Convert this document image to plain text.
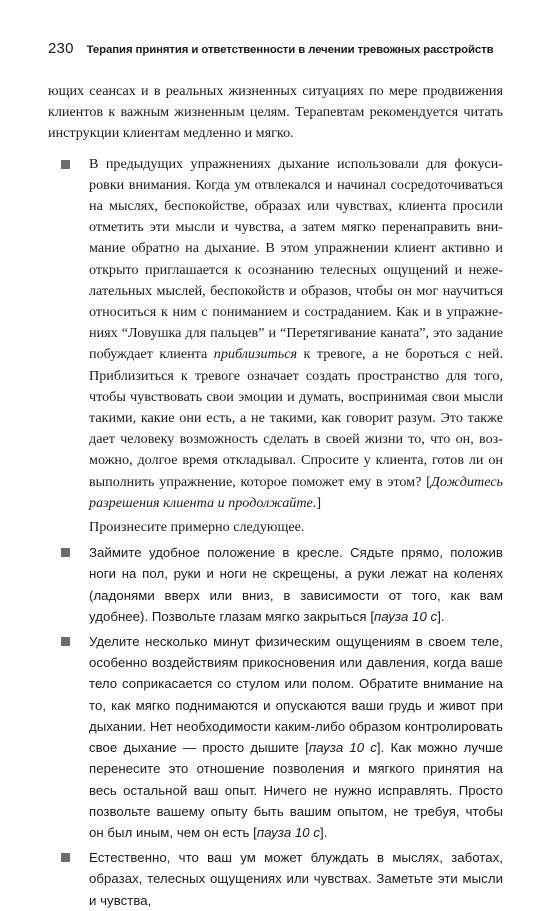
230 Терапия принятия и ответственности в лечении тревожных расстройств

ющих сеансах и в реальных жизненных ситуациях по мере продвижения клиентов к важным жизненным целям. Терапевтам рекомендуется читать инструкции клиентам медленно и мягко.

В предыдущих упражнениях дыхание использовали для фокусировки внимания. Когда ум отвлекался и начинал сосредоточиваться на мыслях, беспокойстве, образах или чувствах, клиента просили отметить эти мысли и чувства, а затем мягко перенаправить внимание обратно на дыхание. В этом упражнении клиент активно и открыто приглашается к осознанию телесных ощущений и нежелательных мыслей, беспокойств и образов, чтобы он мог научиться относиться к ним с пониманием и состраданием. Как и в упражнениях “Ловушка для пальцев” и “Перетягивание каната”, это задание побуждает клиента приблизиться к тревоге, а не бороться с ней. Приблизиться к тревоге означает создать пространство для того, чтобы чувствовать свои эмоции и думать, воспринимая свои мысли такими, какие они есть, а не такими, как говорит разум. Это также дает человеку возможность сделать в своей жизни то, что он, возможно, долгое время откладывал. Спросите у клиента, готов ли он выполнить упражнение, которое поможет ему в этом? [Дождитесь разрешения клиента и продолжайте.]

Произнесите примерно следующее.

Займите удобное положение в кресле. Сядьте прямо, положив ноги на пол, руки и ноги не скрещены, а руки лежат на коленях (ладонями вверх или вниз, в зависимости от того, как вам удобнее). Позвольте глазам мягко закрыться [пауза 10 с].

Уделите несколько минут физическим ощущениям в своем теле, особенно воздействиям прикосновения или давления, когда ваше тело соприкасается со стулом или полом. Обратите внимание на то, как мягко поднимаются и опускаются ваши грудь и живот при дыхании. Нет необходимости каким-либо образом контролировать свое дыхание — просто дышите [пауза 10 с]. Как можно лучше перенесите это отношение позволения и мягкого принятия на весь остальной ваш опыт. Ничего не нужно исправлять. Просто позвольте вашему опыту быть вашим опытом, не требуя, чтобы он был иным, чем он есть [пауза 10 с].

Естественно, что ваш ум может блуждать в мыслях, заботах, образах, телесных ощущениях или чувствах. Заметьте эти мысли и чувства,
